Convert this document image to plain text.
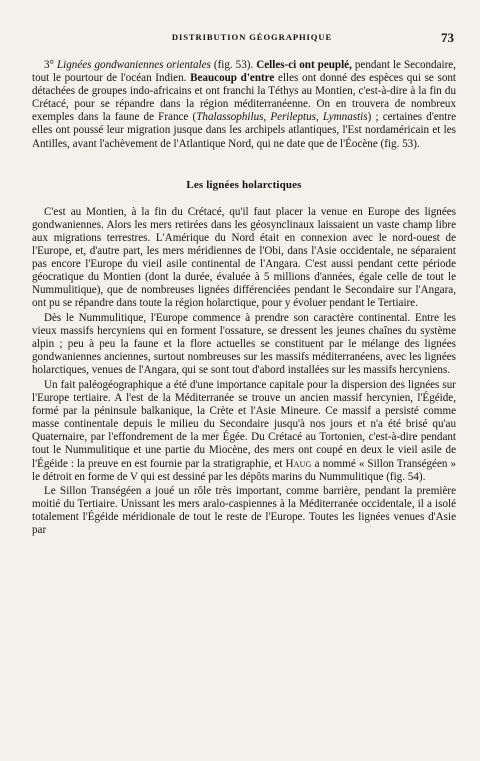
DISTRIBUTION GÉOGRAPHIQUE	73

3° Lignées gondwaniennes orientales (fig. 53). Celles-ci ont peuplé, pendant le Secondaire, tout le pourtour de l'océan Indien. Beaucoup d'entre elles ont donné des espèces qui se sont détachées de groupes indo-africains et ont franchi la Téthys au Montien, c'est-à-dire à la fin du Crétacé, pour se répandre dans la région méditerranéenne. On en trouvera de nombreux exemples dans la faune de France (Thalassophilus, Perileptus, Lymnastis) ; certaines d'entre elles ont poussé leur migration jusque dans les archipels atlantiques, l'Est nordaméricain et les Antilles, avant l'achèvement de l'Atlantique Nord, qui ne date que de l'Éocène (fig. 53).

Les lignées holarctiques

C'est au Montien, à la fin du Crétacé, qu'il faut placer la venue en Europe des lignées gondwaniennes. Alors les mers retirées dans les géosynclinaux laissaient un vaste champ libre aux migrations terrestres. L'Amérique du Nord était en connexion avec le nord-ouest de l'Europe, et, d'autre part, les mers méridiennes de l'Obi, dans l'Asie occidentale, ne séparaient pas encore l'Europe du vieil asile continental de l'Angara. C'est aussi pendant cette période géocratique du Montien (dont la durée, évaluée à 5 millions d'années, égale celle de tout le Nummulitique), que de nombreuses lignées différenciées pendant le Secondaire sur l'Angara, ont pu se répandre dans toute la région holarctique, pour y évoluer pendant le Tertiaire.

Dès le Nummulitique, l'Europe commence à prendre son caractère continental. Entre les vieux massifs hercyniens qui en forment l'ossature, se dressent les jeunes chaînes du système alpin ; peu à peu la faune et la flore actuelles se constituent par le mélange des lignées gondwaniennes anciennes, surtout nombreuses sur les massifs méditerranéens, avec les lignées holarctiques, venues de l'Angara, qui se sont tout d'abord installées sur les massifs hercyniens.

Un fait paléogéographique a été d'une importance capitale pour la dispersion des lignées sur l'Europe tertiaire. A l'est de la Méditerranée se trouve un ancien massif hercynien, l'Égéide, formé par la péninsule balkanique, la Crète et l'Asie Mineure. Ce massif a persisté comme masse continentale depuis le milieu du Secondaire jusqu'à nos jours et n'a été brisé qu'au Quaternaire, par l'effondrement de la mer Égée. Du Crétacé au Tortonien, c'est-à-dire pendant tout le Nummulitique et une partie du Miocène, des mers ont coupé en deux le vieil asile de l'Égéide : la preuve en est fournie par la stratigraphie, et Haug a nommé « Sillon Transégéen » le détroit en forme de V qui est dessiné par les dépôts marins du Nummulitique (fig. 54).

Le Sillon Transégéen a joué un rôle très important, comme barrière, pendant la première moitié du Tertiaire. Unissant les mers aralo-caspiennes à la Méditerranée occidentale, il a isolé totalement l'Égéide méridionale de tout le reste de l'Europe. Toutes les lignées venues d'Asie par
